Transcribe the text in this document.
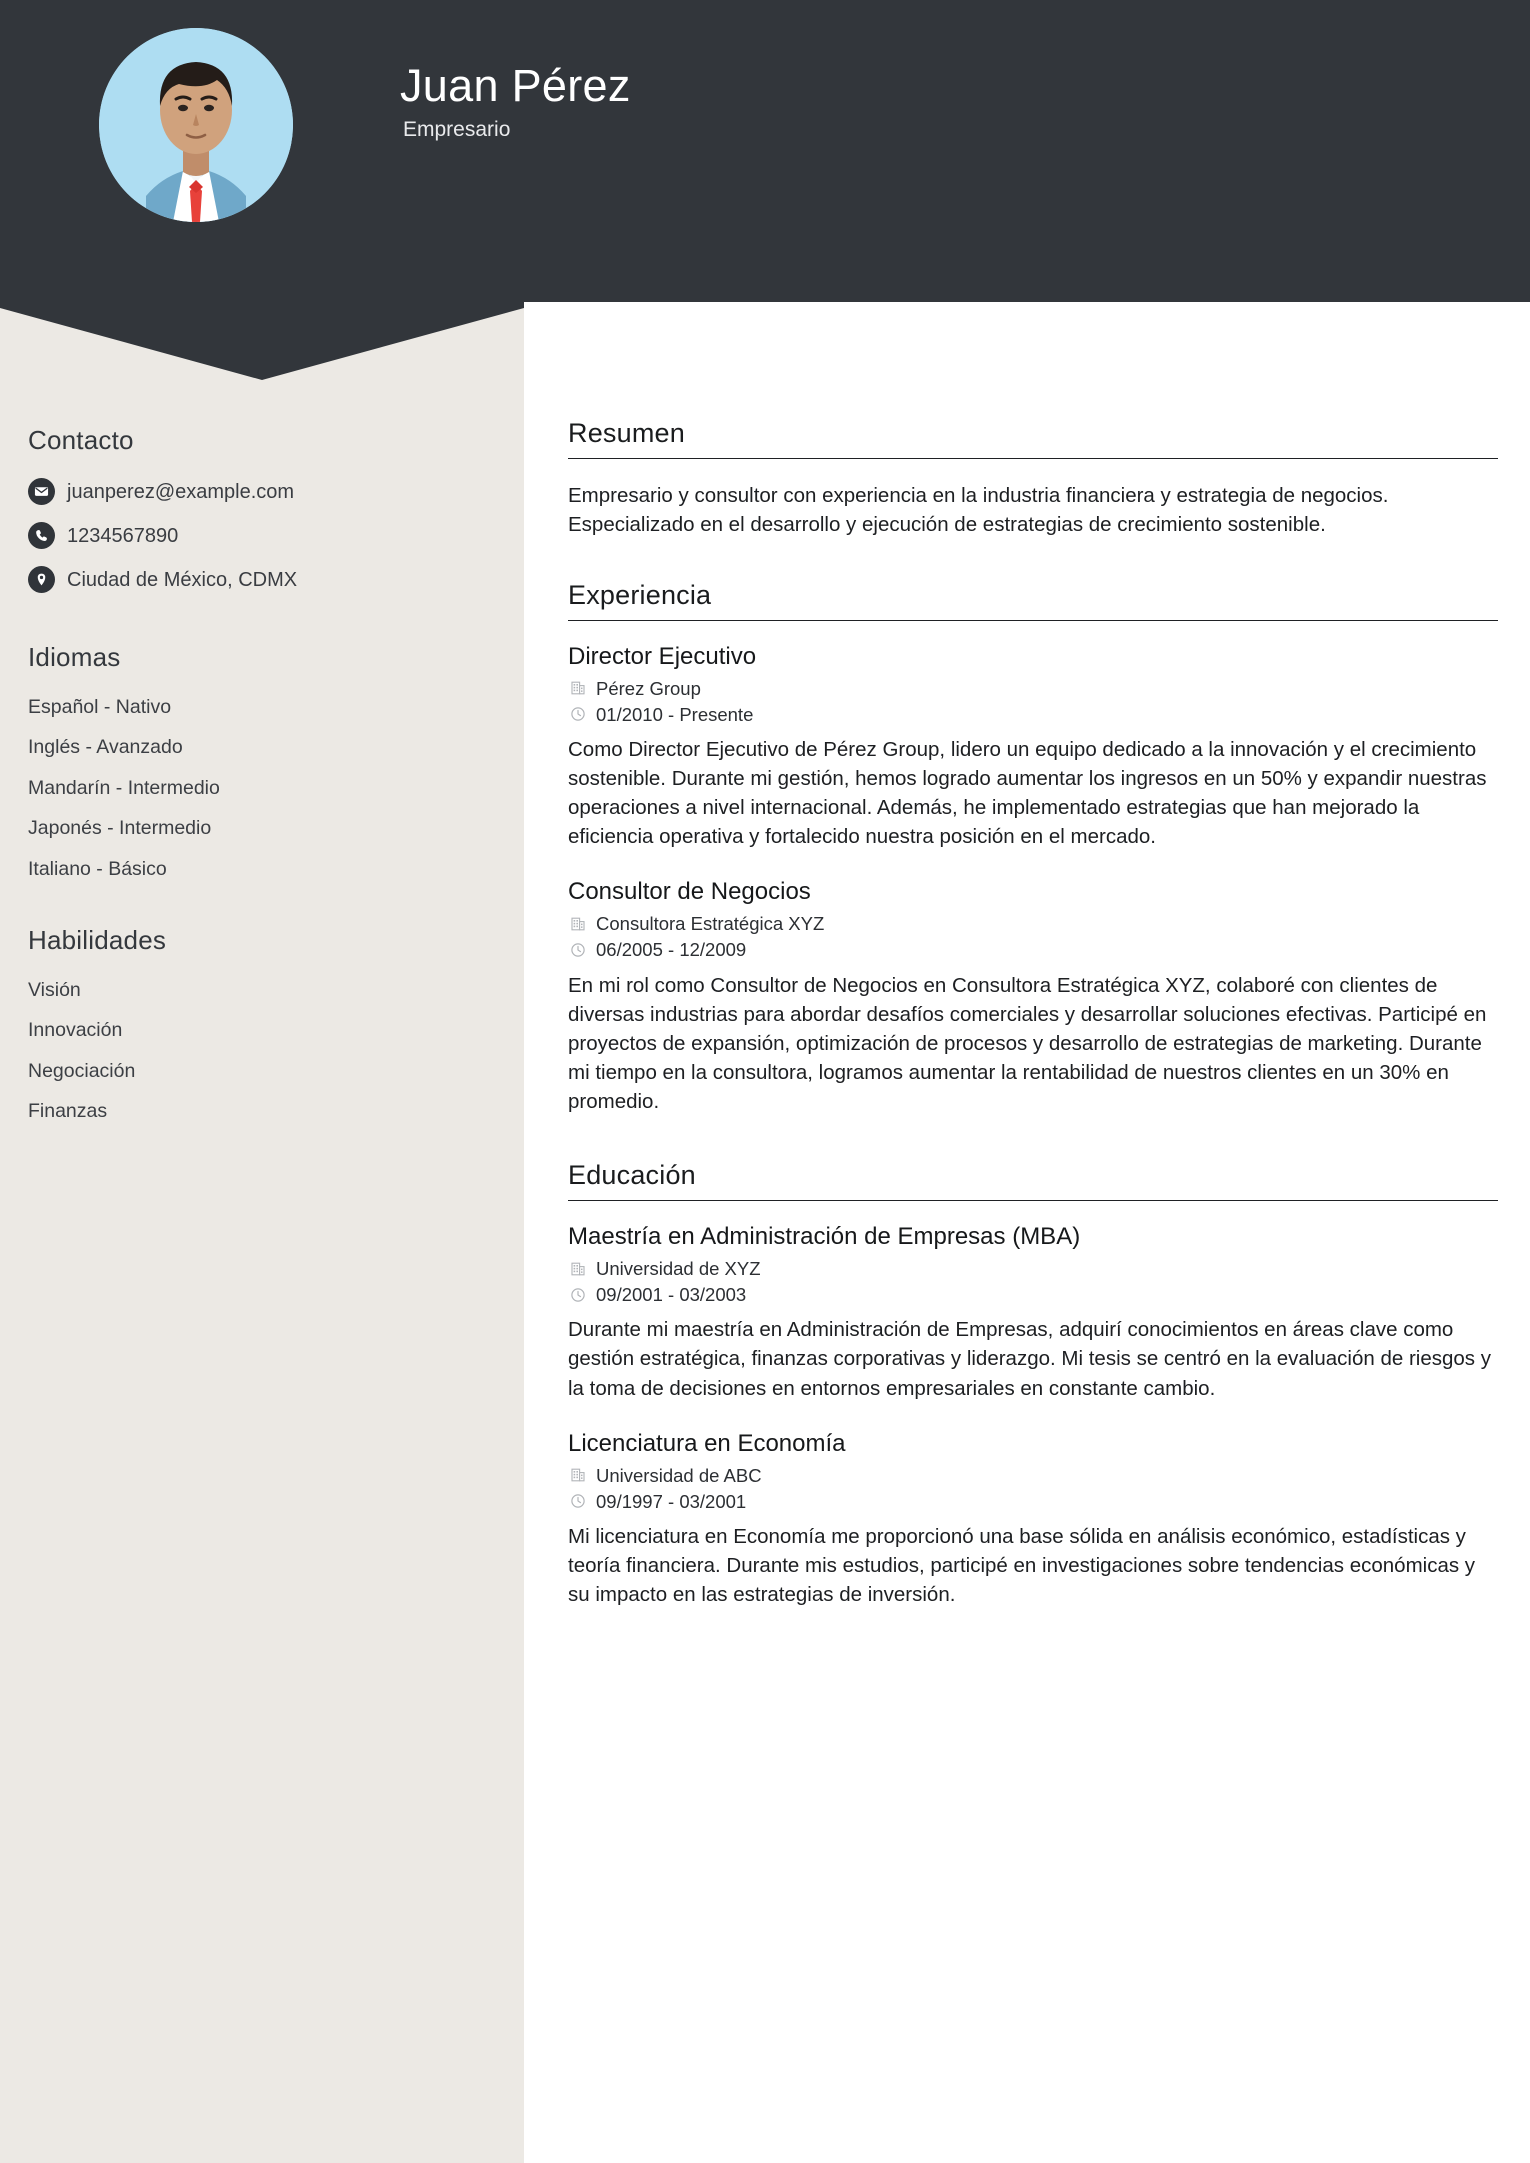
Juan Pérez
Empresario
Contacto
juanperez@example.com
1234567890
Ciudad de México, CDMX
Idiomas
Español - Nativo
Inglés - Avanzado
Mandarín - Intermedio
Japonés - Intermedio
Italiano - Básico
Habilidades
Visión
Innovación
Negociación
Finanzas
Resumen

Empresario y consultor con experiencia en la industria financiera y estrategia de negocios. Especializado en el desarrollo y ejecución de estrategias de crecimiento sostenible.

Experiencia
Director Ejecutivo
Pérez Group
01/2010 - Presente

Como Director Ejecutivo de Pérez Group, lidero un equipo dedicado a la innovación y el crecimiento sostenible. Durante mi gestión, hemos logrado aumentar los ingresos en un 50% y expandir nuestras operaciones a nivel internacional. Además, he implementado estrategias que han mejorado la eficiencia operativa y fortalecido nuestra posición en el mercado.

Consultor de Negocios
Consultora Estratégica XYZ
06/2005 - 12/2009

En mi rol como Consultor de Negocios en Consultora Estratégica XYZ, colaboré con clientes de diversas industrias para abordar desafíos comerciales y desarrollar soluciones efectivas. Participé en proyectos de expansión, optimización de procesos y desarrollo de estrategias de marketing. Durante mi tiempo en la consultora, logramos aumentar la rentabilidad de nuestros clientes en un 30% en promedio.

Educación
Maestría en Administración de Empresas (MBA)
Universidad de XYZ
09/2001 - 03/2003

Durante mi maestría en Administración de Empresas, adquirí conocimientos en áreas clave como gestión estratégica, finanzas corporativas y liderazgo. Mi tesis se centró en la evaluación de riesgos y la toma de decisiones en entornos empresariales en constante cambio.

Licenciatura en Economía
Universidad de ABC
09/1997 - 03/2001

Mi licenciatura en Economía me proporcionó una base sólida en análisis económico, estadísticas y teoría financiera. Durante mis estudios, participé en investigaciones sobre tendencias económicas y su impacto en las estrategias de inversión.
